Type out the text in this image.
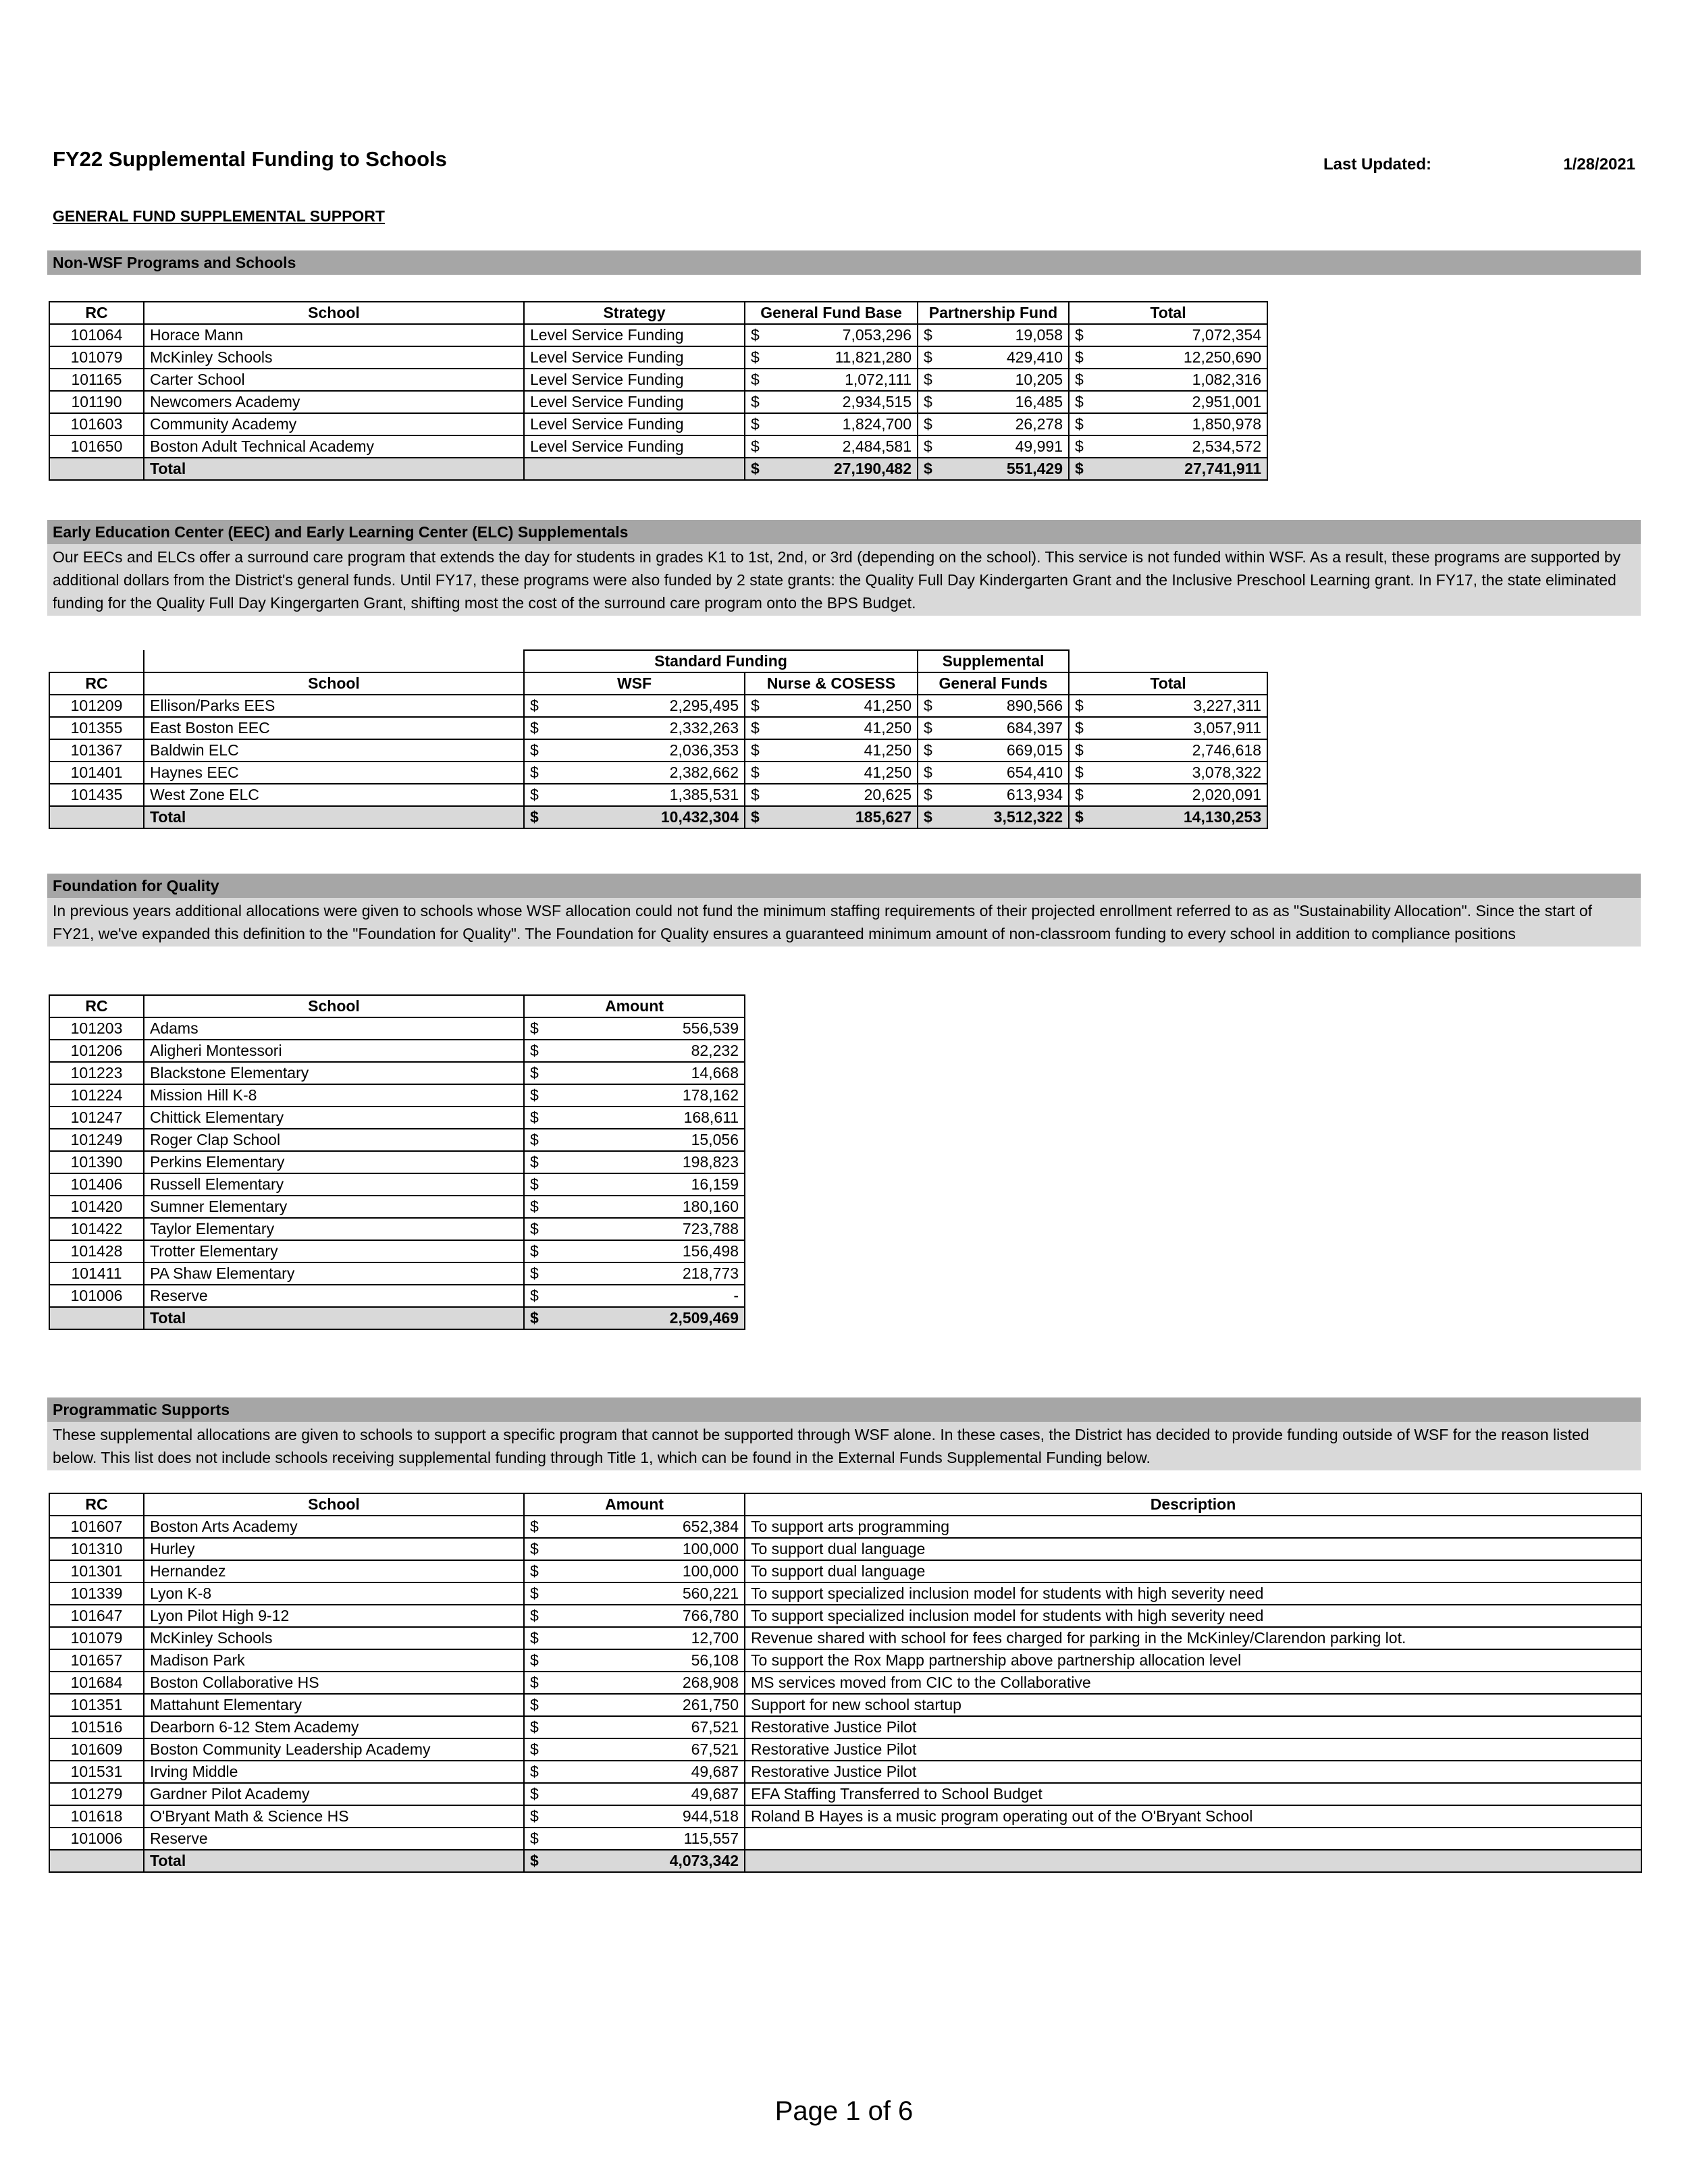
FY22 Supplemental Funding to Schools	Last Updated:	1/28/2021
GENERAL FUND SUPPLEMENTAL SUPPORT
Non-WSF Programs and Schools
RC	School	Strategy	General Fund Base	Partnership Fund	Total
101064	Horace Mann	Level Service Funding	$ 7,053,296	$ 19,058	$ 7,072,354

101079	McKinley Schools	Level Service Funding	$ 11,821,280	$ 429,410	$ 12,250,690

101165	Carter School	Level Service Funding	$ 1,072,111	$ 10,205	$ 1,082,316

101190	Newcomers Academy	Level Service Funding	$ 2,934,515	$ 16,485	$ 2,951,001

101603	Community Academy	Level Service Funding	$ 1,824,700	$ 26,278	$ 1,850,978

101650	Boston Adult Technical Academy	Level Service Funding	$ 2,484,581	$ 49,991	$ 2,534,572

	Total		$ 27,190,482	$ 551,429	$ 27,741,911
Early Education Center (EEC) and Early Learning Center (ELC) Supplementals
Our EECs and ELCs offer a surround care program that extends the day for students in grades K1 to 1st, 2nd, or 3rd (depending on the school). This service is not funded within WSF. As a result, these programs are supported by additional dollars from the District's general funds. Until FY17, these programs were also funded by 2 state grants: the Quality Full Day Kindergarten Grant and the Inclusive Preschool Learning grant. In FY17, the state eliminated funding for the Quality Full Day Kingergarten Grant, shifting most the cost of the surround care program onto the BPS Budget.
		Standard Funding		Supplemental	
RC	School	WSF	Nurse & COSESS	General Funds	Total
101209	Ellison/Parks EES	$ 2,295,495	$ 41,250	$ 890,566	$ 3,227,311

101355	East Boston EEC	$ 2,332,263	$ 41,250	$ 684,397	$ 3,057,911

101367	Baldwin ELC	$ 2,036,353	$ 41,250	$ 669,015	$ 2,746,618

101401	Haynes EEC	$ 2,382,662	$ 41,250	$ 654,410	$ 3,078,322

101435	West Zone ELC	$ 1,385,531	$ 20,625	$ 613,934	$ 2,020,091

	Total	$ 10,432,304	$ 185,627	$ 3,512,322	$ 14,130,253
Foundation for Quality
In previous years additional allocations were given to schools whose WSF allocation could not fund the minimum staffing requirements of their projected enrollment referred to as as "Sustainability Allocation". Since the start of FY21, we've expanded this definition to the "Foundation for Quality". The Foundation for Quality ensures a guaranteed minimum amount of non-classroom funding to every school in addition to compliance positions
RC	School	Amount
101203	Adams	$ 556,539

101206	Aligheri Montessori	$ 82,232

101223	Blackstone Elementary	$ 14,668

101224	Mission Hill K-8	$ 178,162

101247	Chittick Elementary	$ 168,611

101249	Roger Clap School	$ 15,056

101390	Perkins Elementary	$ 198,823

101406	Russell Elementary	$ 16,159

101420	Sumner Elementary	$ 180,160

101422	Taylor Elementary	$ 723,788

101428	Trotter Elementary	$ 156,498

101411	PA Shaw Elementary	$ 218,773

101006	Reserve	$ -

	Total	$ 2,509,469
Programmatic Supports
These supplemental allocations are given to schools to support a specific program that cannot be supported through WSF alone. In these cases, the District has decided to provide funding outside of WSF for the reason listed below. This list does not include schools receiving supplemental funding through Title 1, which can be found in the External Funds Supplemental Funding below.
RC	School	Amount	Description
101607	Boston Arts Academy	$ 652,384	To support arts programming
101310	Hurley	$ 100,000	To support dual language
101301	Hernandez	$ 100,000	To support dual language
101339	Lyon K-8	$ 560,221	To support specialized inclusion model for students with high severity need
101647	Lyon Pilot High 9-12	$ 766,780	To support specialized inclusion model for students with high severity need
101079	McKinley Schools	$ 12,700	Revenue shared with school for fees charged for parking in the McKinley/Clarendon parking lot.
101657	Madison Park	$ 56,108	To support the Rox Mapp partnership above partnership allocation level
101684	Boston Collaborative HS	$ 268,908	MS services moved from CIC to the Collaborative
101351	Mattahunt Elementary	$ 261,750	Support for new school startup
101516	Dearborn 6-12 Stem Academy	$ 67,521	Restorative Justice Pilot
101609	Boston Community Leadership Academy	$ 67,521	Restorative Justice Pilot
101531	Irving Middle	$ 49,687	Restorative Justice Pilot
101279	Gardner Pilot Academy	$ 49,687	EFA Staffing Transferred to School Budget
101618	O'Bryant Math & Science HS	$ 944,518	Roland B Hayes is a music program operating out of the O'Bryant School
101006	Reserve	$ 115,557	

	Total	$ 4,073,342	

Page 1 of 6
